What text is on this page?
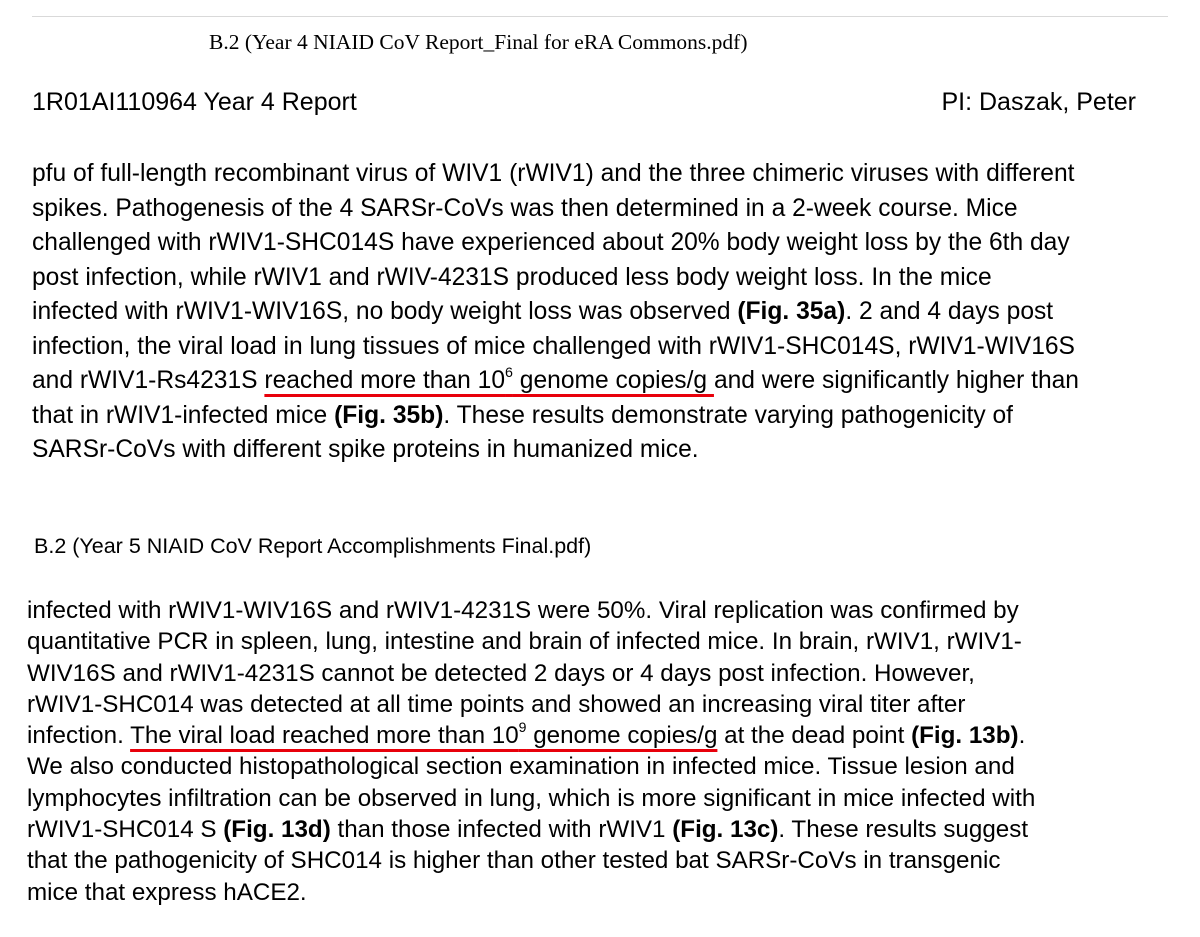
B.2 (Year 4 NIAID CoV Report_Final for eRA Commons.pdf)
1R01AI110964 Year 4 Report	PI: Daszak, Peter
pfu of full-length recombinant virus of WIV1 (rWIV1) and the three chimeric viruses with different
spikes. Pathogenesis of the 4 SARSr-CoVs was then determined in a 2-week course. Mice
challenged with rWIV1-SHC014S have experienced about 20% body weight loss by the 6th day
post infection, while rWIV1 and rWIV-4231S produced less body weight loss. In the mice
infected with rWIV1-WIV16S, no body weight loss was observed (Fig. 35a). 2 and 4 days post
infection, the viral load in lung tissues of mice challenged with rWIV1-SHC014S, rWIV1-WIV16S
and rWIV1-Rs4231S reached more than $10^6$ genome copies/g and were significantly higher than
that in rWIV1-infected mice (Fig. 35b). These results demonstrate varying pathogenicity of
SARSr-CoVs with different spike proteins in humanized mice.
B.2 (Year 5 NIAID CoV Report Accomplishments Final.pdf)
infected with rWIV1-WIV16S and rWIV1-4231S were 50%. Viral replication was confirmed by
quantitative PCR in spleen, lung, intestine and brain of infected mice. In brain, rWIV1, rWIV1-
WIV16S and rWIV1-4231S cannot be detected 2 days or 4 days post infection. However,
rWIV1-SHC014 was detected at all time points and showed an increasing viral titer after
infection. The viral load reached more than $10^9$ genome copies/g at the dead point (Fig. 13b).
We also conducted histopathological section examination in infected mice. Tissue lesion and
lymphocytes infiltration can be observed in lung, which is more significant in mice infected with
rWIV1-SHC014 S (Fig. 13d) than those infected with rWIV1 (Fig. 13c). These results suggest
that the pathogenicity of SHC014 is higher than other tested bat SARSr-CoVs in transgenic
mice that express hACE2.
